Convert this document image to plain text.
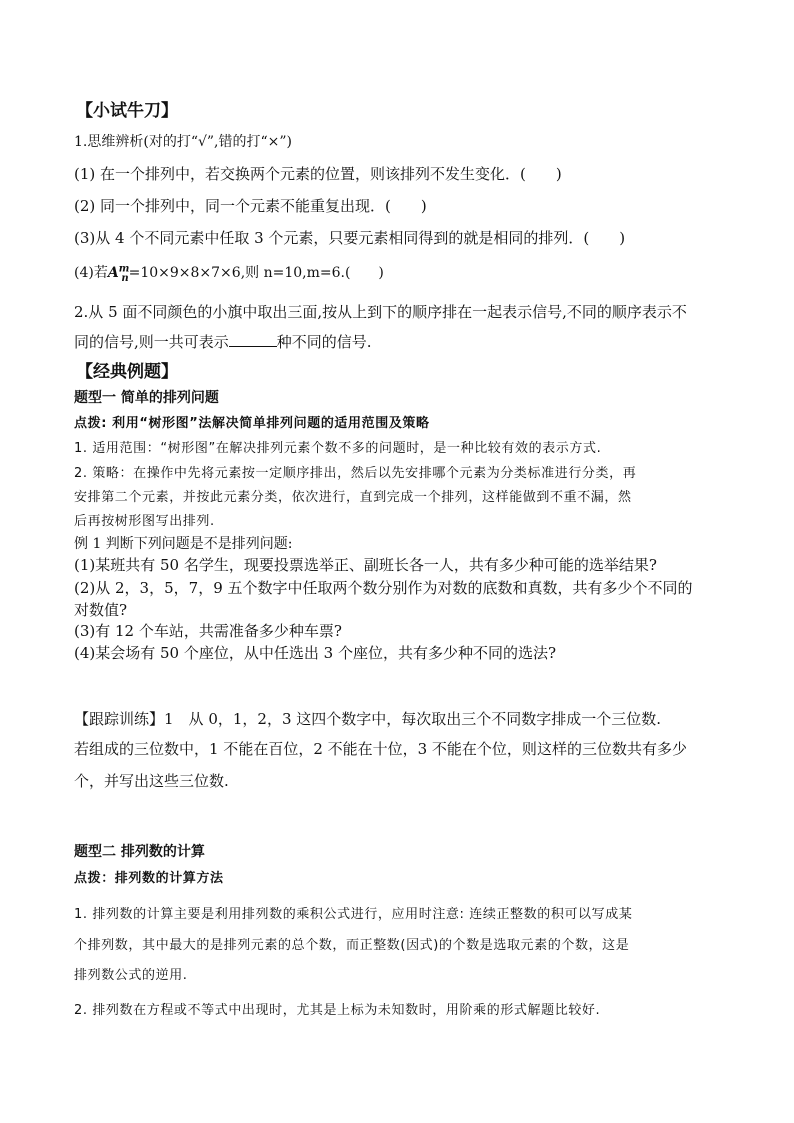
【小试牛刀】
1.思维辨析(对的打“√”,错的打“×”)
(1) 在一个排列中，若交换两个元素的位置，则该排列不发生变化．(　　)
(2) 同一个排列中，同一个元素不能重复出现．(　　)
(3)从 4 个不同元素中任取 3 个元素，只要元素相同得到的就是相同的排列．(　　)
(4)若$A^m_n=10\times 9\times 8\times 7\times 6$,则 n=10,m=6.(　　)
2.从 5 面不同颜色的小旗中取出三面,按从上到下的顺序排在一起表示信号,不同的顺序表示不
同的信号,则一共可表示	种不同的信号.
【经典例题】
题型一 简单的排列问题
点拨: 利用“树形图”法解决简单排列问题的适用范围及策略
1. 适用范围：“树形图”在解决排列元素个数不多的问题时，是一种比较有效的表示方式.
2. 策略：在操作中先将元素按一定顺序排出，然后以先安排哪个元素为分类标准进行分类，再
安排第二个元素，并按此元素分类，依次进行，直到完成一个排列，这样能做到不重不漏，然
后再按树形图写出排列.
例 1 判断下列问题是不是排列问题:
(1)某班共有 50 名学生，现要投票选举正、副班长各一人，共有多少种可能的选举结果?
(2)从 2，3，5，7，9 五个数字中任取两个数分别作为对数的底数和真数，共有多少个不同的
对数值?
(3)有 12 个车站，共需准备多少种车票?
(4)某会场有 50 个座位，从中任选出 3 个座位，共有多少种不同的选法?
【跟踪训练】1　从 0，1，2，3 这四个数字中，每次取出三个不同数字排成一个三位数.
若组成的三位数中，1 不能在百位，2 不能在十位，3 不能在个位，则这样的三位数共有多少
个，并写出这些三位数.
题型二 排列数的计算
点拨：排列数的计算方法
1. 排列数的计算主要是利用排列数的乘积公式进行，应用时注意: 连续正整数的积可以写成某
个排列数，其中最大的是排列元素的总个数，而正整数(因式)的个数是选取元素的个数，这是
排列数公式的逆用.
2. 排列数在方程或不等式中出现时，尤其是上标为未知数时，用阶乘的形式解题比较好.
